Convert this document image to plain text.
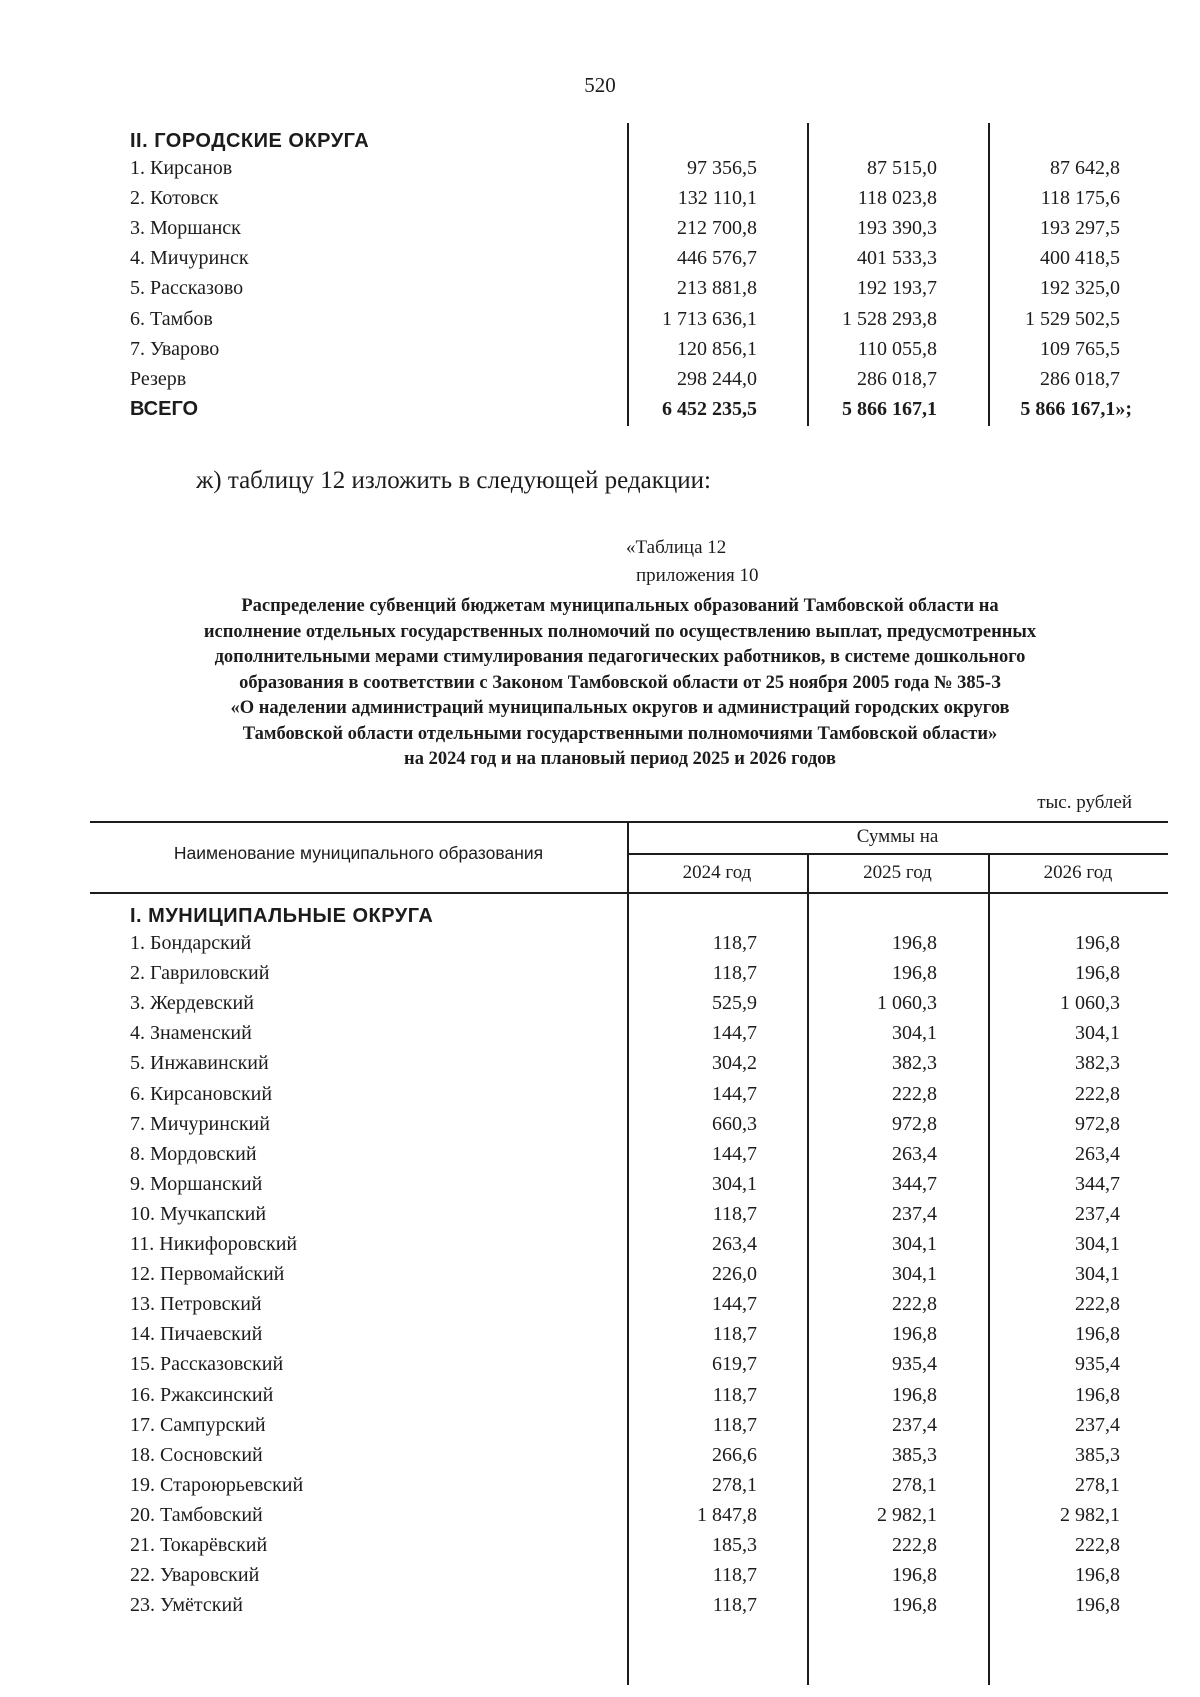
520
II. ГОРОДСКИЕ ОКРУГА
1. Кирсанов	97 356,5	87 515,0	87 642,8
2. Котовск	132 110,1	118 023,8	118 175,6
3. Моршанск	212 700,8	193 390,3	193 297,5
4. Мичуринск	446 576,7	401 533,3	400 418,5
5. Рассказово	213 881,8	192 193,7	192 325,0
6. Тамбов	1 713 636,1	1 528 293,8	1 529 502,5
7. Уварово	120 856,1	110 055,8	109 765,5
Резерв	298 244,0	286 018,7	286 018,7
ВСЕГО	6 452 235,5	5 866 167,1	5 866 167,1»;
ж) таблицу 12 изложить в следующей редакции:
«Таблица 12
приложения 10
Распределение субвенций бюджетам муниципальных образований Тамбовской области на
исполнение отдельных государственных полномочий по осуществлению выплат, предусмотренных
дополнительными мерами стимулирования педагогических работников, в системе дошкольного
образования в соответствии с Законом Тамбовской области от 25 ноября 2005 года № 385-З
«О наделении администраций муниципальных округов и администраций городских округов
Тамбовской области отдельными государственными полномочиями Тамбовской области»
на 2024 год и на плановый период 2025 и 2026 годов
тыс. рублей
Наименование муниципального образования
Суммы на
2024 год	2025 год	2026 год
I. МУНИЦИПАЛЬНЫЕ ОКРУГА
1. Бондарский	118,7	196,8	196,8
2. Гавриловский	118,7	196,8	196,8
3. Жердевский	525,9	1 060,3	1 060,3
4. Знаменский	144,7	304,1	304,1
5. Инжавинский	304,2	382,3	382,3
6. Кирсановский	144,7	222,8	222,8
7. Мичуринский	660,3	972,8	972,8
8. Мордовский	144,7	263,4	263,4
9. Моршанский	304,1	344,7	344,7
10. Мучкапский	118,7	237,4	237,4
11. Никифоровский	263,4	304,1	304,1
12. Первомайский	226,0	304,1	304,1
13. Петровский	144,7	222,8	222,8
14. Пичаевский	118,7	196,8	196,8
15. Рассказовский	619,7	935,4	935,4
16. Ржаксинский	118,7	196,8	196,8
17. Сампурский	118,7	237,4	237,4
18. Сосновский	266,6	385,3	385,3
19. Староюрьевский	278,1	278,1	278,1
20. Тамбовский	1 847,8	2 982,1	2 982,1
21. Токарёвский	185,3	222,8	222,8
22. Уваровский	118,7	196,8	196,8
23. Умётский	118,7	196,8	196,8
